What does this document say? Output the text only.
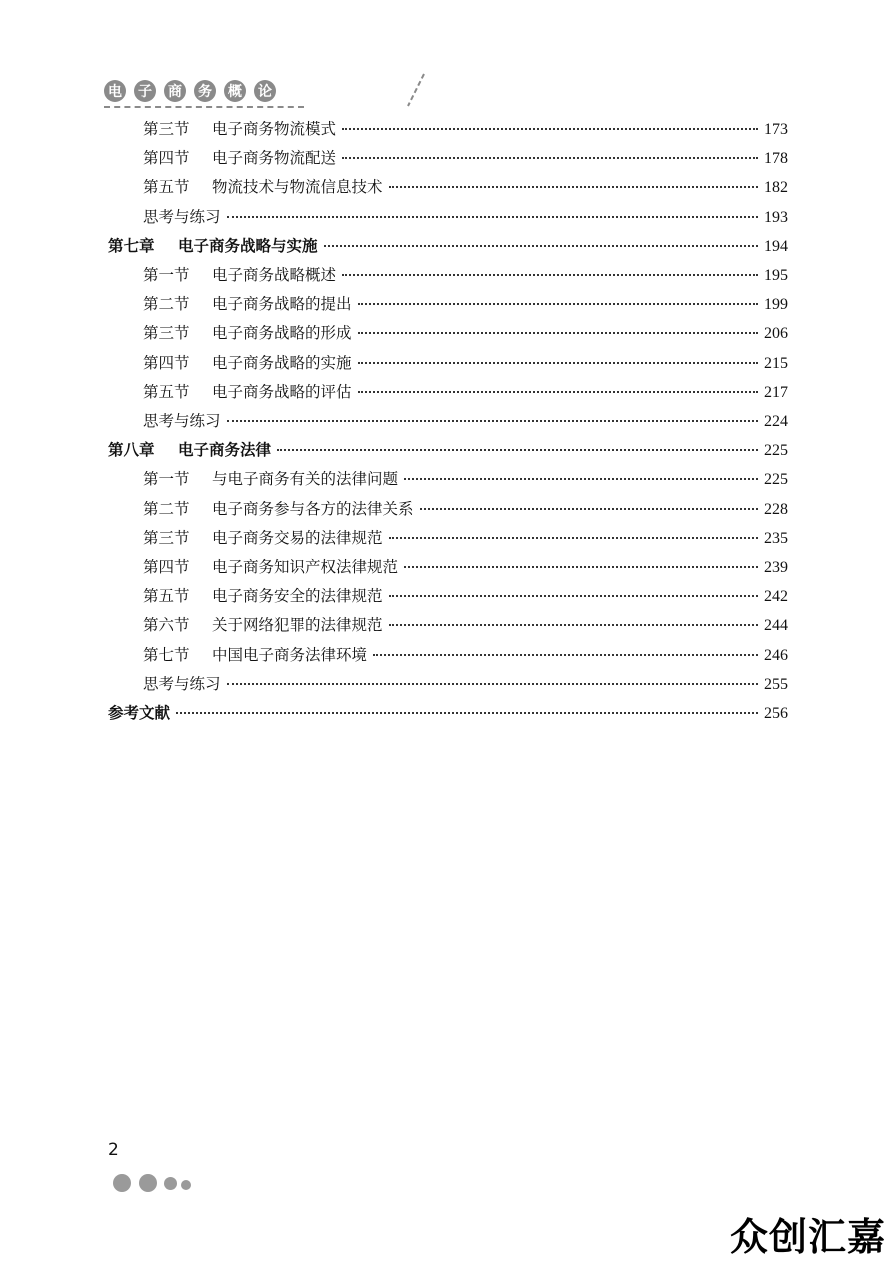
电 子 商 务 概 论
第三节	电子商务物流模式	173
第四节	电子商务物流配送	178
第五节	物流技术与物流信息技术	182
思考与练习	193
第七章	电子商务战略与实施	194
第一节	电子商务战略概述	195
第二节	电子商务战略的提出	199
第三节	电子商务战略的形成	206
第四节	电子商务战略的实施	215
第五节	电子商务战略的评估	217
思考与练习	224
第八章	电子商务法律	225
第一节	与电子商务有关的法律问题	225
第二节	电子商务参与各方的法律关系	228
第三节	电子商务交易的法律规范	235
第四节	电子商务知识产权法律规范	239
第五节	电子商务安全的法律规范	242
第六节	关于网络犯罪的法律规范	244
第七节	中国电子商务法律环境	246
思考与练习	255
参考文献	256
2
众创汇嘉
